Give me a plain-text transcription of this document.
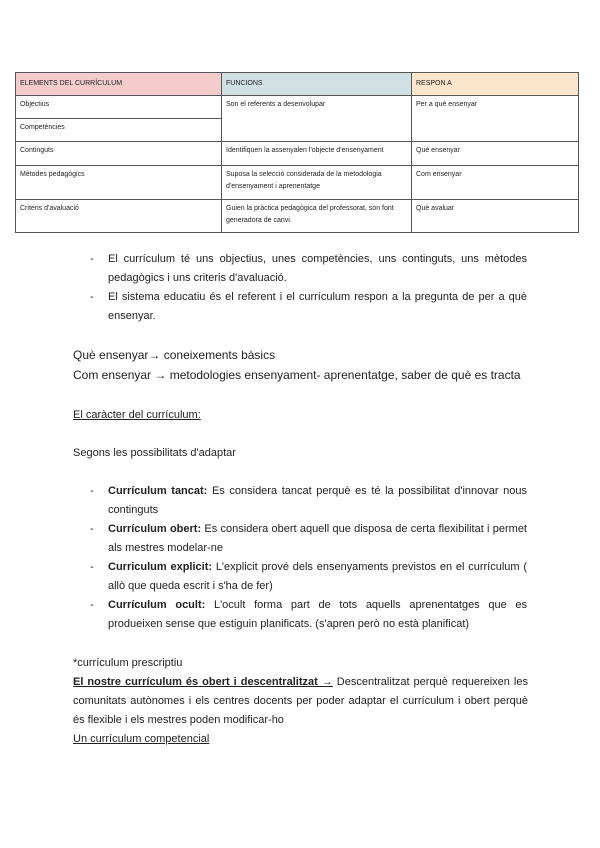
ELEMENTS DEL CURRÍCULUM	FUNCIONS	RESPON A
Objectius	Son el referents a desenvolupar	Per a què ensenyar
Competències		
Continguts	Identifiquen la assenyalen l'objecte d'ensenyament	Què ensenyar
Mètodes pedagògics	Suposa la selecció considerada de la metodologia d'ensenyament i aprenentatge	Com ensenyar
Criteris d'avaluació	Guien la pràctica pedagògica del professorat, son font generadora de canvi.	Què avaluar
- El currículum té uns objectius, unes competències, uns continguts, uns mètodes pedagògics i uns criteris d'avaluació.
- El sistema educatiu és el referent i el currículum respon a la pregunta de per a què ensenyar.
Què ensenyar→ coneixements bàsics
Com ensenyar → metodologies ensenyament- aprenentatge, saber de què es tracta
El caràcter del currículum:
Segons les possibilitats d'adaptar
- Currículum tancat: Es considera tancat perquè es té la possibilitat d'innovar nous continguts
- Currículum obert: Es considera obert aquell que disposa de certa flexibilitat i permet als mestres modelar-ne
- Curriculum explicit: L'explicit prové dels ensenyaments previstos en el currículum ( allò que queda escrit i s'ha de fer)
- Currículum ocult: L'ocult forma part de tots aquells aprenentatges que es produeixen sense que estiguin planificats. (s'apren però no està planificat)
*currículum prescriptiu
El nostre currículum és obert i descentralitzat → Descentralitzat perquè requereixen les comunitats autònomes i els centres docents per poder adaptar el currículum i obert perquè és flexible i els mestres poden modificar-ho
Un currículum competencial
